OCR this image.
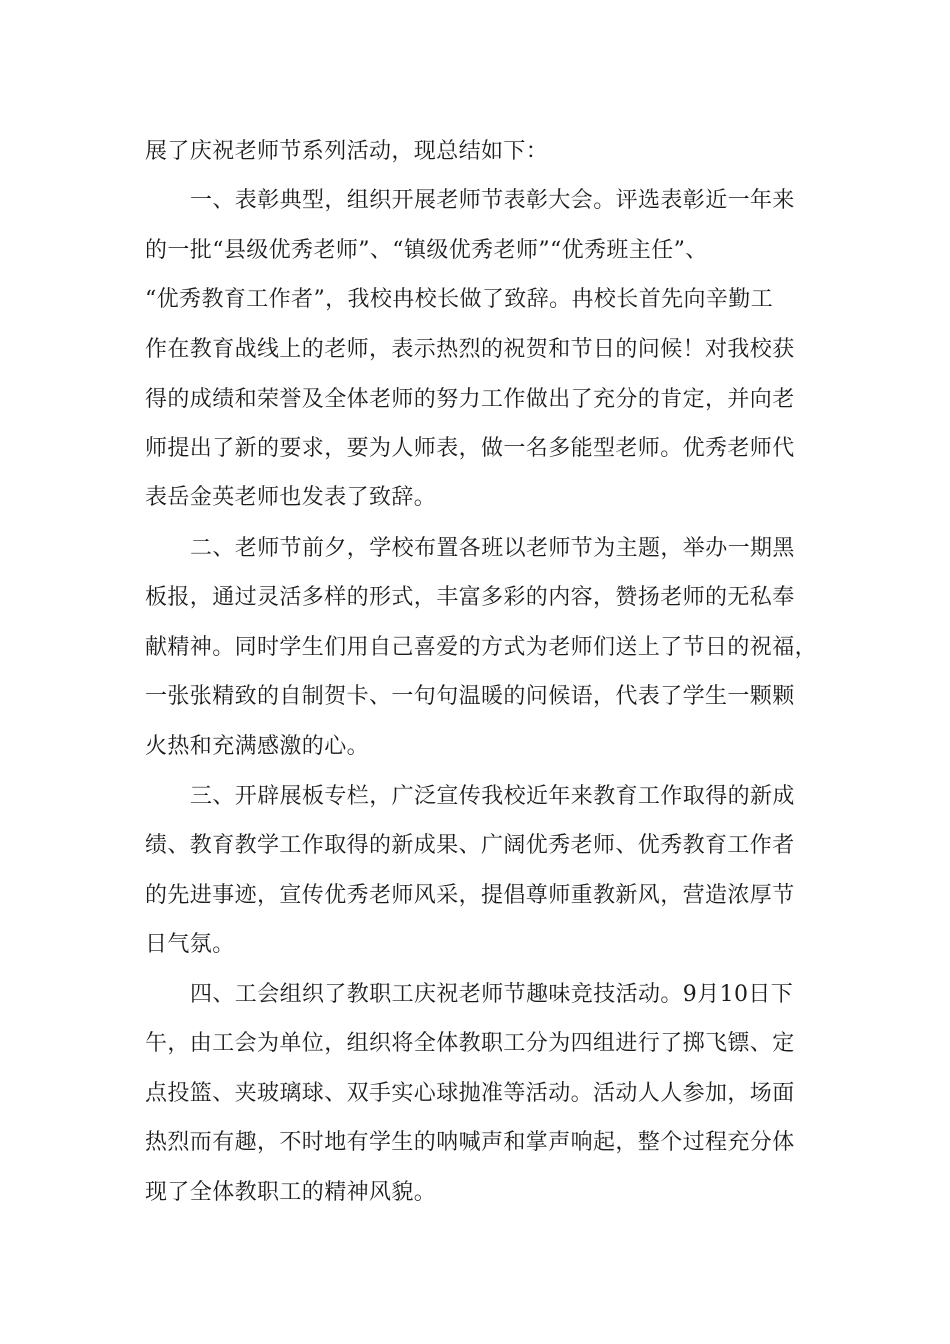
展了庆祝老师节系列活动，现总结如下：
一、表彰典型，组织开展老师节表彰大会。评选表彰近一年来
的一批“县级优秀老师”、“镇级优秀老师”“优秀班主任”、
“优秀教育工作者”，我校冉校长做了致辞。冉校长首先向辛勤工
作在教育战线上的老师，表示热烈的祝贺和节日的问候！对我校获
得的成绩和荣誉及全体老师的努力工作做出了充分的肯定，并向老
师提出了新的要求，要为人师表，做一名多能型老师。优秀老师代
表岳金英老师也发表了致辞。
二、老师节前夕，学校布置各班以老师节为主题，举办一期黑
板报，通过灵活多样的形式，丰富多彩的内容，赞扬老师的无私奉
献精神。同时学生们用自己喜爱的方式为老师们送上了节日的祝福，
一张张精致的自制贺卡、一句句温暖的问候语，代表了学生一颗颗
火热和充满感激的心。
三、开辟展板专栏，广泛宣传我校近年来教育工作取得的新成
绩、教育教学工作取得的新成果、广阔优秀老师、优秀教育工作者
的先进事迹，宣传优秀老师风采，提倡尊师重教新风，营造浓厚节
日气氛。
四、工会组织了教职工庆祝老师节趣味竞技活动。9月10日下
午，由工会为单位，组织将全体教职工分为四组进行了掷飞镖、定
点投篮、夹玻璃球、双手实心球抛准等活动。活动人人参加，场面
热烈而有趣，不时地有学生的呐喊声和掌声响起，整个过程充分体
现了全体教职工的精神风貌。
